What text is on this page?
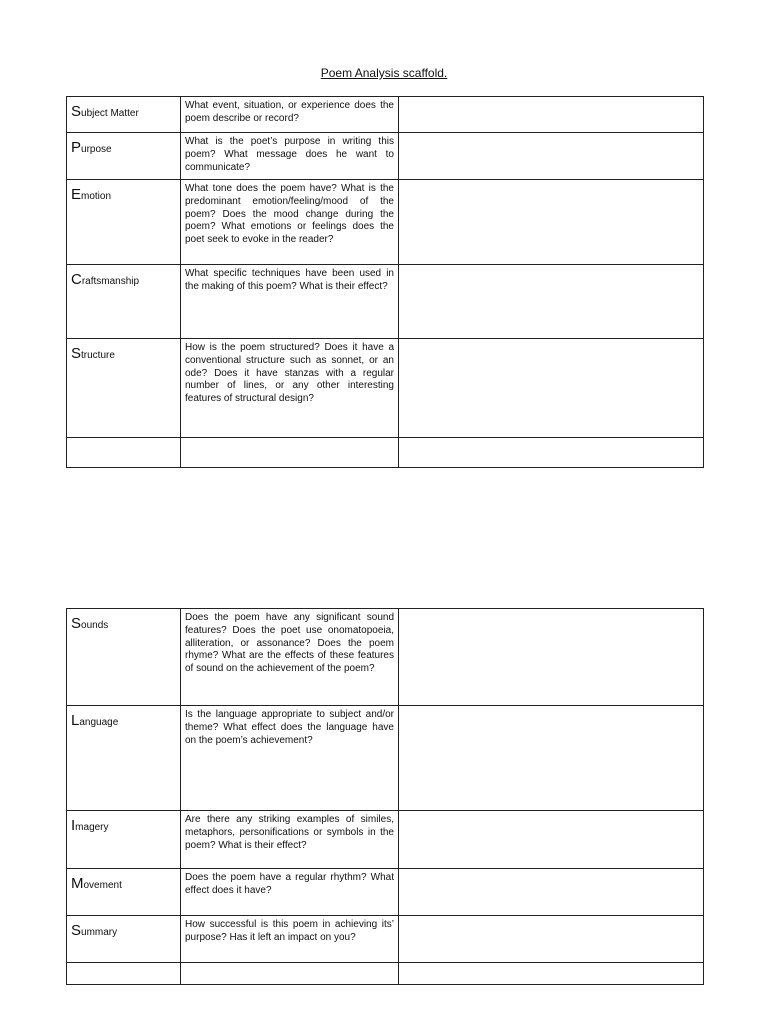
Poem Analysis scaffold.
Subject Matter	What event, situation, or experience does the poem describe or record?	
Purpose	What is the poet’s purpose in writing this poem? What message does he want to communicate?	
Emotion	What tone does the poem have? What is the predominant emotion/feeling/mood of the poem? Does the mood change during the poem? What emotions or feelings does the poet seek to evoke in the reader?	
Craftsmanship	What specific techniques have been used in the making of this poem? What is their effect?	
Structure	How is the poem structured? Does it have a conventional structure such as sonnet, or an ode? Does it have stanzas with a regular number of lines, or any other interesting features of structural design?	

Sounds	Does the poem have any significant sound features? Does the poet use onomatopoeia, alliteration, or assonance? Does the poem rhyme? What are the effects of these features of sound on the achievement of the poem?	
Language	Is the language appropriate to subject and/or theme? What effect does the language have on the poem’s achievement?	
Imagery	Are there any striking examples of similes, metaphors, personifications or symbols in the poem? What is their effect?	
Movement	Does the poem have a regular rhythm? What effect does it have?	
Summary	How successful is this poem in achieving its’ purpose? Has it left an impact on you?	
